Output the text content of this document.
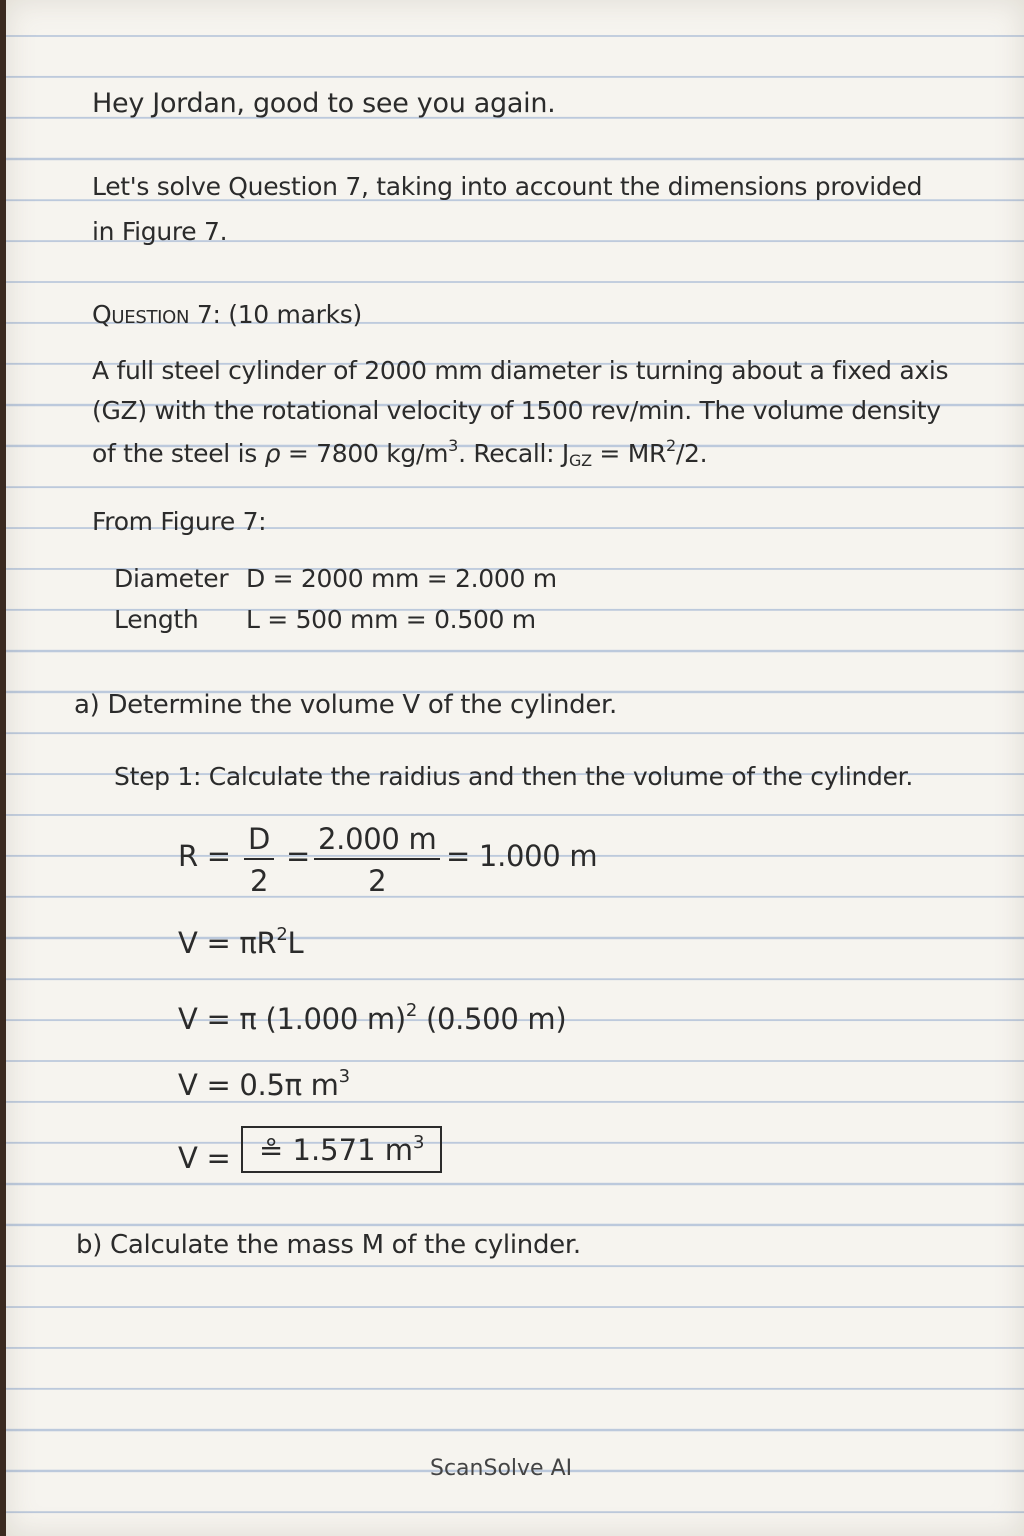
Hey Jordan, good to see you again.
Let's solve Question 7, taking into account the dimensions provided
in Figure 7.
Question 7: (10 marks)
A full steel cylinder of 2000 mm diameter is turning about a fixed axis
(GZ) with the rotational velocity of 1500 rev/min. The volume density
of the steel is ρ = 7800 $kg/m^3$. Recall: $J_{GZ} = MR^2/2$.
From Figure 7:
Diameter D = 2000 mm = 2.000 m
Length L = 500 mm = 0.500 m
a) Determine the volume V of the cylinder.
Step 1: Calculate the raidius and then the volume of the cylinder.
$R = \frac{D}{2} = \frac{2.000 m}{2} = 1.000$ m
$V = \pi R^2L$
V = π (1.000 m)$^2$ (0.500 m)
V = 0.5π $m^3$
V = ≗ 1.571 $m^3$
b) Calculate the mass M of the cylinder.
ScanSolve AI
